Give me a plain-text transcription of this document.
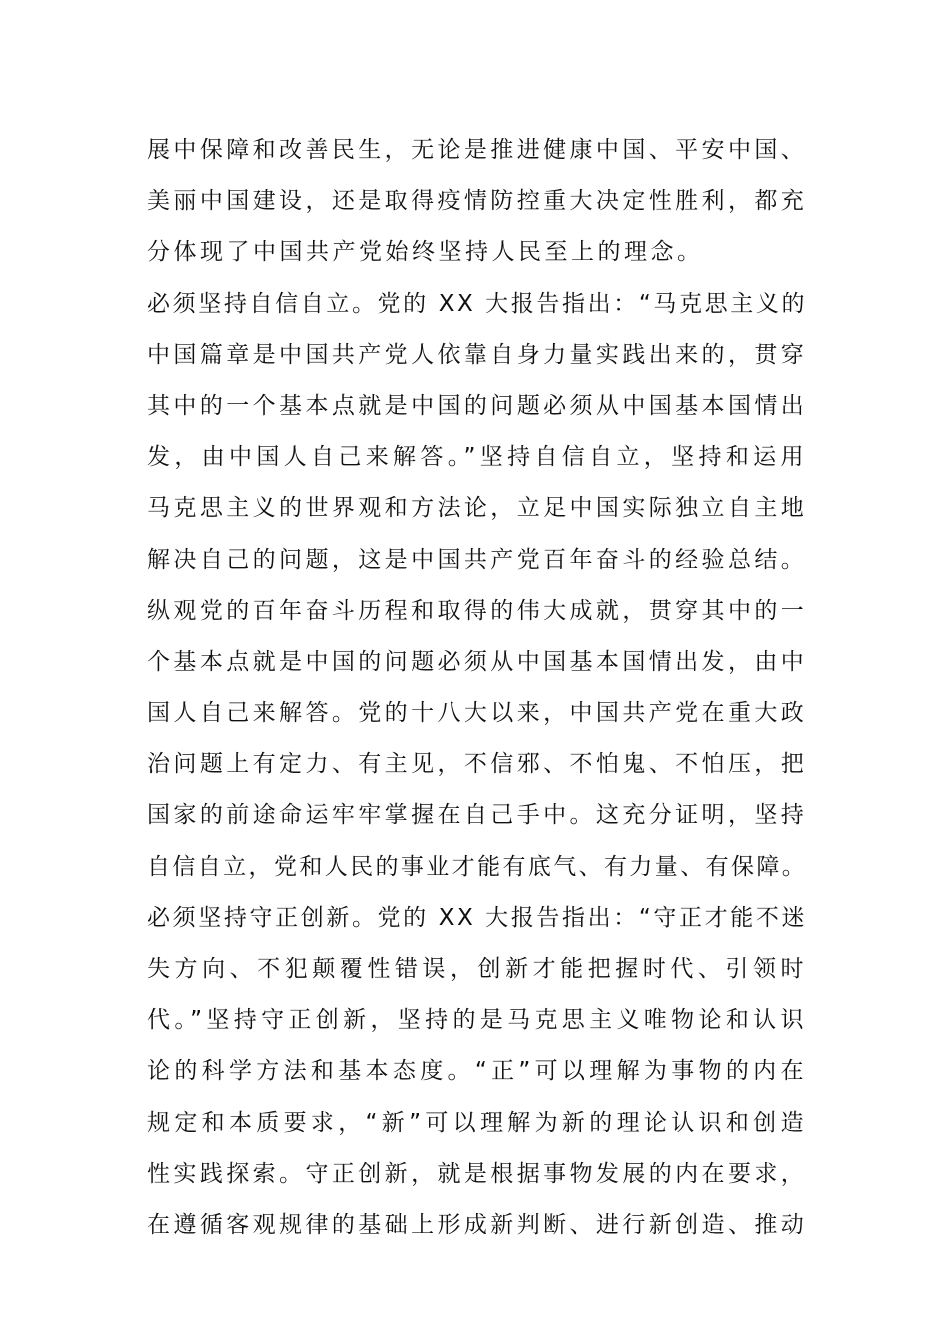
展中保障和改善民生，无论是推进健康中国、平安中国、
美丽中国建设，还是取得疫情防控重大决定性胜利，都充
分体现了中国共产党始终坚持人民至上的理念。
必须坚持自信自立。党的 XX 大报告指出：“马克思主义的
中国篇章是中国共产党人依靠自身力量实践出来的，贯穿
其中的一个基本点就是中国的问题必须从中国基本国情出
发，由中国人自己来解答。”坚持自信自立，坚持和运用
马克思主义的世界观和方法论，立足中国实际独立自主地
解决自己的问题，这是中国共产党百年奋斗的经验总结。
纵观党的百年奋斗历程和取得的伟大成就，贯穿其中的一
个基本点就是中国的问题必须从中国基本国情出发，由中
国人自己来解答。党的十八大以来，中国共产党在重大政
治问题上有定力、有主见，不信邪、不怕鬼、不怕压，把
国家的前途命运牢牢掌握在自己手中。这充分证明，坚持
自信自立，党和人民的事业才能有底气、有力量、有保障。
必须坚持守正创新。党的 XX 大报告指出：“守正才能不迷
失方向、不犯颠覆性错误，创新才能把握时代、引领时
代。”坚持守正创新，坚持的是马克思主义唯物论和认识
论的科学方法和基本态度。“正”可以理解为事物的内在
规定和本质要求，“新”可以理解为新的理论认识和创造
性实践探索。守正创新，就是根据事物发展的内在要求，
在遵循客观规律的基础上形成新判断、进行新创造、推动
